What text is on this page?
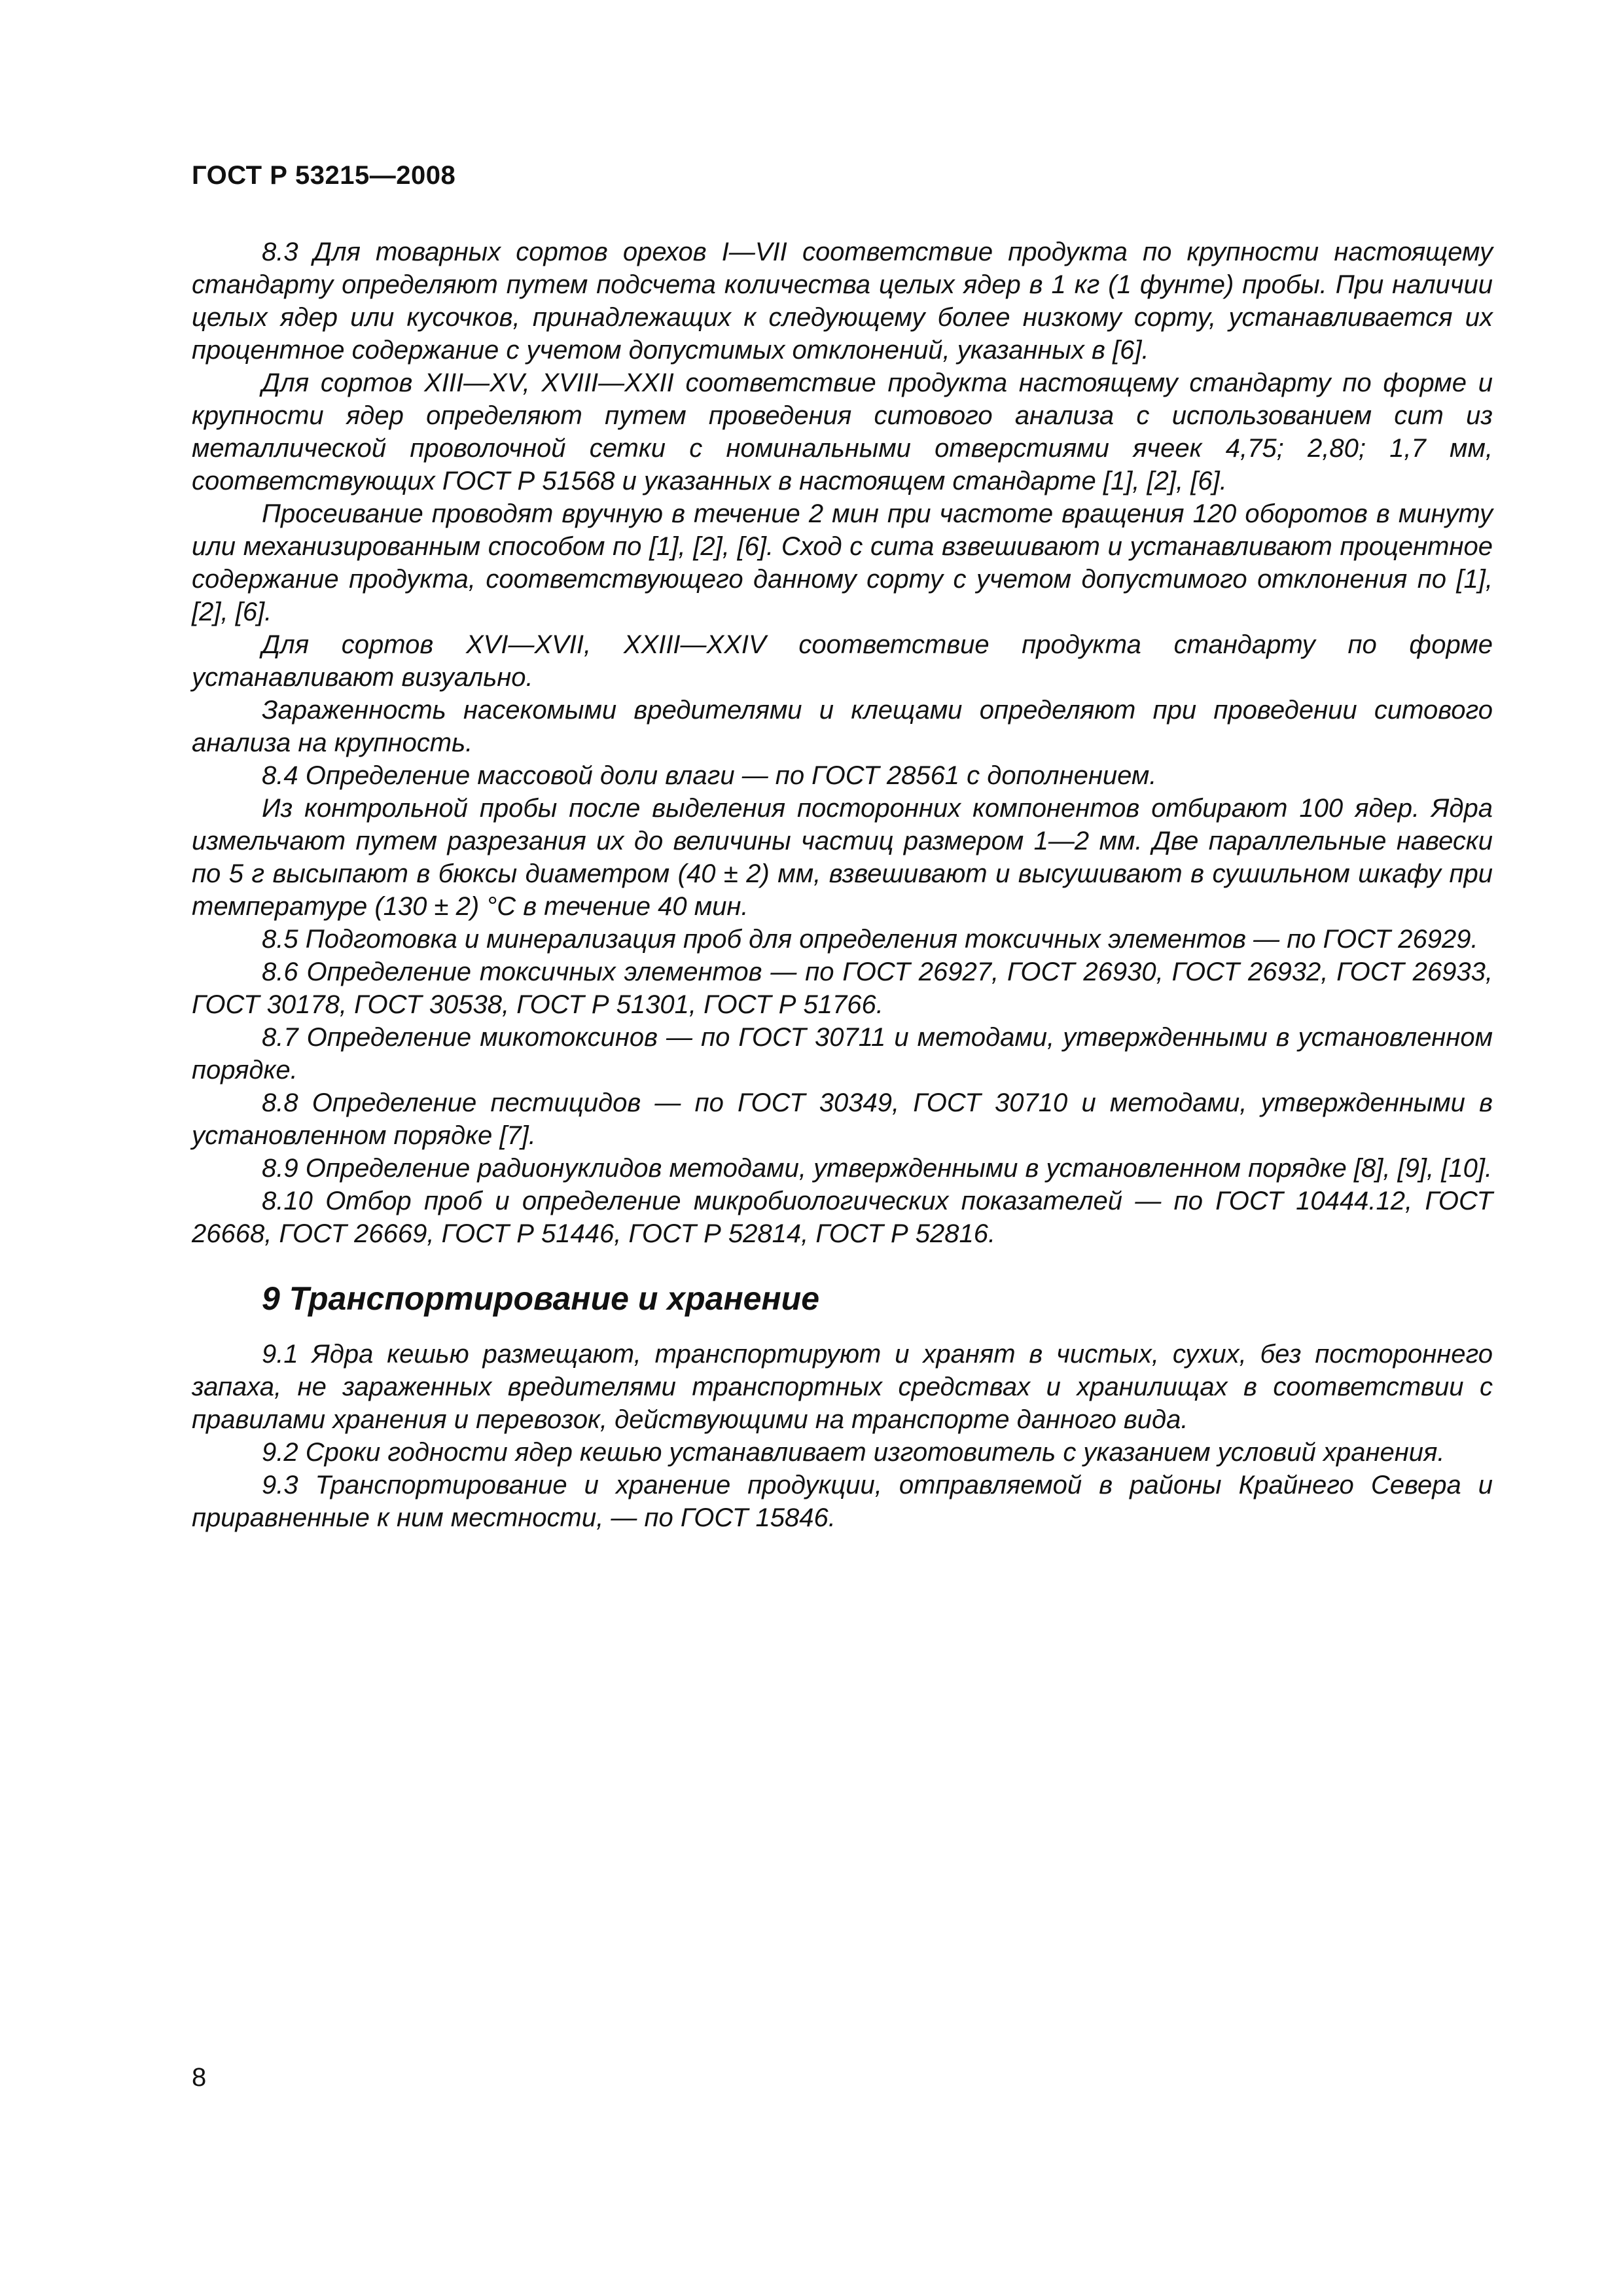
ГОСТ Р 53215—2008

8.3 Для товарных сортов орехов I—VII соответствие продукта по крупности настоящему стандарту определяют путем подсчета количества целых ядер в 1 кг (1 фунте) пробы. При наличии целых ядер или кусочков, принадлежащих к следующему более низкому сорту, устанавливается их процентное содержание с учетом допустимых отклонений, указанных в [6].

Для сортов XIII—XV, XVIII—XXII соответствие продукта настоящему стандарту по форме и крупности ядер определяют путем проведения ситового анализа с использованием сит из металлической проволочной сетки с номинальными отверстиями ячеек 4,75; 2,80; 1,7 мм, соответствующих ГОСТ Р 51568 и указанных в настоящем стандарте [1], [2], [6].

Просеивание проводят вручную в течение 2 мин при частоте вращения 120 оборотов в минуту или механизированным способом по [1], [2], [6]. Сход с сита взвешивают и устанавливают процентное содержание продукта, соответствующего данному сорту с учетом допустимого отклонения по [1], [2], [6].

Для сортов XVI—XVII, XXIII—XXIV соответствие продукта стандарту по форме устанавливают визуально.

Зараженность насекомыми вредителями и клещами определяют при проведении ситового анализа на крупность.

8.4 Определение массовой доли влаги — по ГОСТ 28561 с дополнением.

Из контрольной пробы после выделения посторонних компонентов отбирают 100 ядер. Ядра измельчают путем разрезания их до величины частиц размером 1—2 мм. Две параллельные навески по 5 г высыпают в бюксы диаметром (40 ± 2) мм, взвешивают и высушивают в сушильном шкафу при температуре (130 ± 2) °С в течение 40 мин.

8.5 Подготовка и минерализация проб для определения токсичных элементов — по ГОСТ 26929.

8.6 Определение токсичных элементов — по ГОСТ 26927, ГОСТ 26930, ГОСТ 26932, ГОСТ 26933, ГОСТ 30178, ГОСТ 30538, ГОСТ Р 51301, ГОСТ Р 51766.

8.7 Определение микотоксинов — по ГОСТ 30711 и методами, утвержденными в установленном порядке.

8.8 Определение пестицидов — по ГОСТ 30349, ГОСТ 30710 и методами, утвержденными в установленном порядке [7].

8.9 Определение радионуклидов методами, утвержденными в установленном порядке [8], [9], [10].

8.10 Отбор проб и определение микробиологических показателей — по ГОСТ 10444.12, ГОСТ 26668, ГОСТ 26669, ГОСТ Р 51446, ГОСТ Р 52814, ГОСТ Р 52816.

9 Транспортирование и хранение

9.1 Ядра кешью размещают, транспортируют и хранят в чистых, сухих, без постороннего запаха, не зараженных вредителями транспортных средствах и хранилищах в соответствии с правилами хранения и перевозок, действующими на транспорте данного вида.

9.2 Сроки годности ядер кешью устанавливает изготовитель с указанием условий хранения.

9.3 Транспортирование и хранение продукции, отправляемой в районы Крайнего Севера и приравненные к ним местности, — по ГОСТ 15846.

8
